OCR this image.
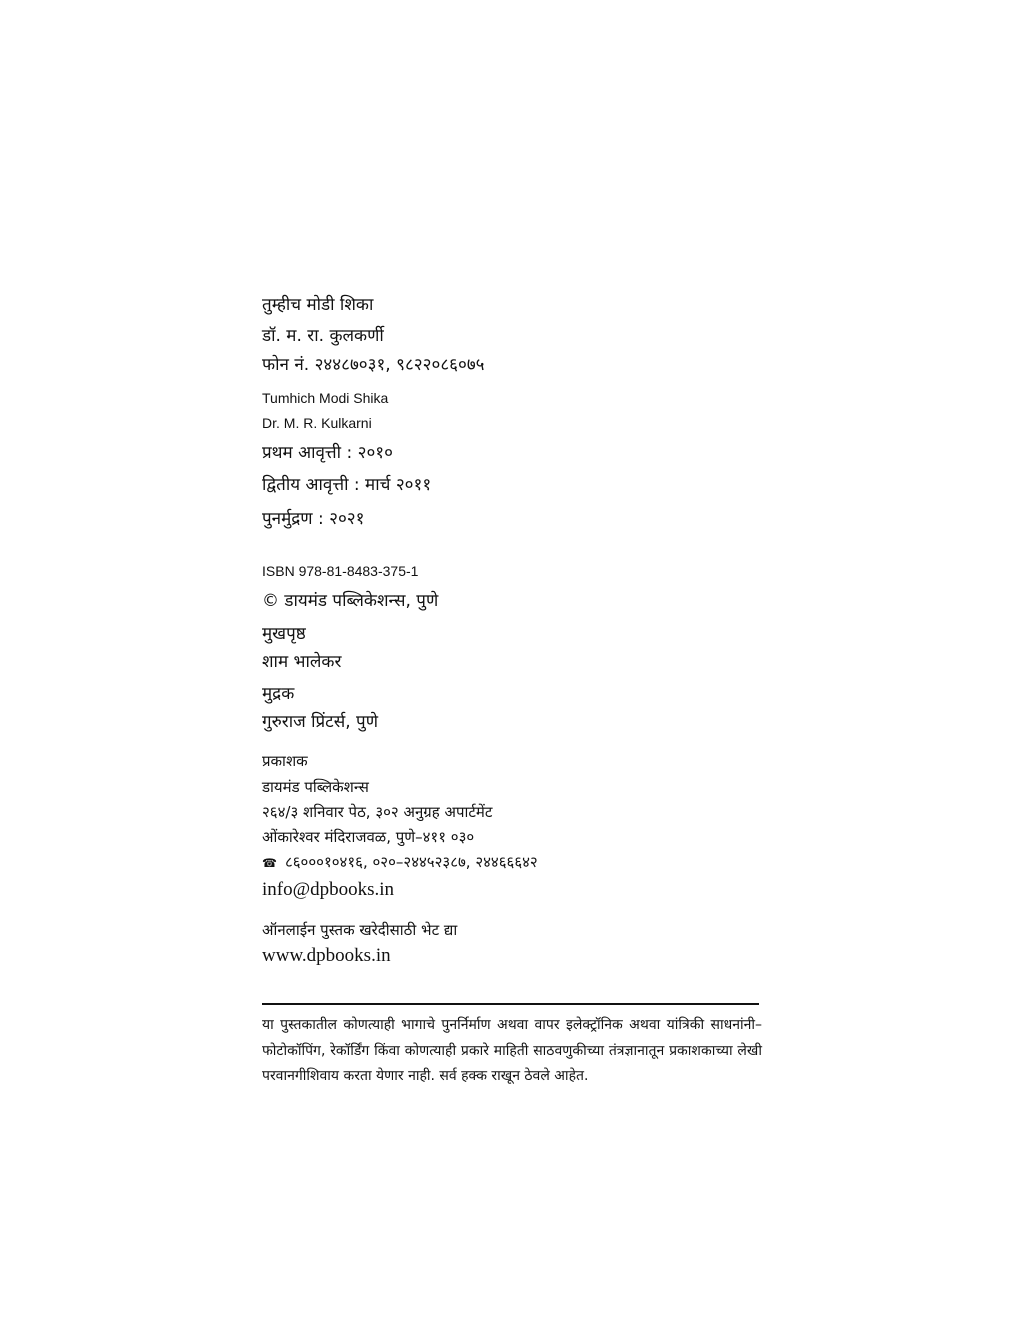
तुम्हीच मोडी शिका
डॉ. म. रा. कुलकर्णी
फोन नं. २४४८७०३१, ९८२२०८६०७५
Tumhich Modi Shika
Dr. M. R. Kulkarni
प्रथम आवृत्ती : २०१०
द्वितीय आवृत्ती : मार्च २०११
पुनर्मुद्रण : २०२१
ISBN 978-81-8483-375-1
© डायमंड पब्लिकेशन्स, पुणे
मुखपृष्ठ
शाम भालेकर
मुद्रक
गुरुराज प्रिंटर्स, पुणे
प्रकाशक
डायमंड पब्लिकेशन्स
२६४/३ शनिवार पेठ, ३०२ अनुग्रह अपार्टमेंट
ओंकारेश्वर मंदिराजवळ, पुणे–४११ ०३०
☎ ८६०००१०४१६, ०२०–२४४५२३८७, २४४६६६४२
info@dpbooks.in
ऑनलाईन पुस्तक खरेदीसाठी भेट द्या
www.dpbooks.in
या पुस्तकातील कोणत्याही भागाचे पुनर्निर्माण अथवा वापर इलेक्ट्रॉनिक अथवा यांत्रिकी साधनांनी– फोटोकॉपिंग, रेकॉर्डिंग किंवा कोणत्याही प्रकारे माहिती साठवणुकीच्या तंत्रज्ञानातून प्रकाशकाच्या लेखी परवानगीशिवाय करता येणार नाही. सर्व हक्क राखून ठेवले आहेत.
